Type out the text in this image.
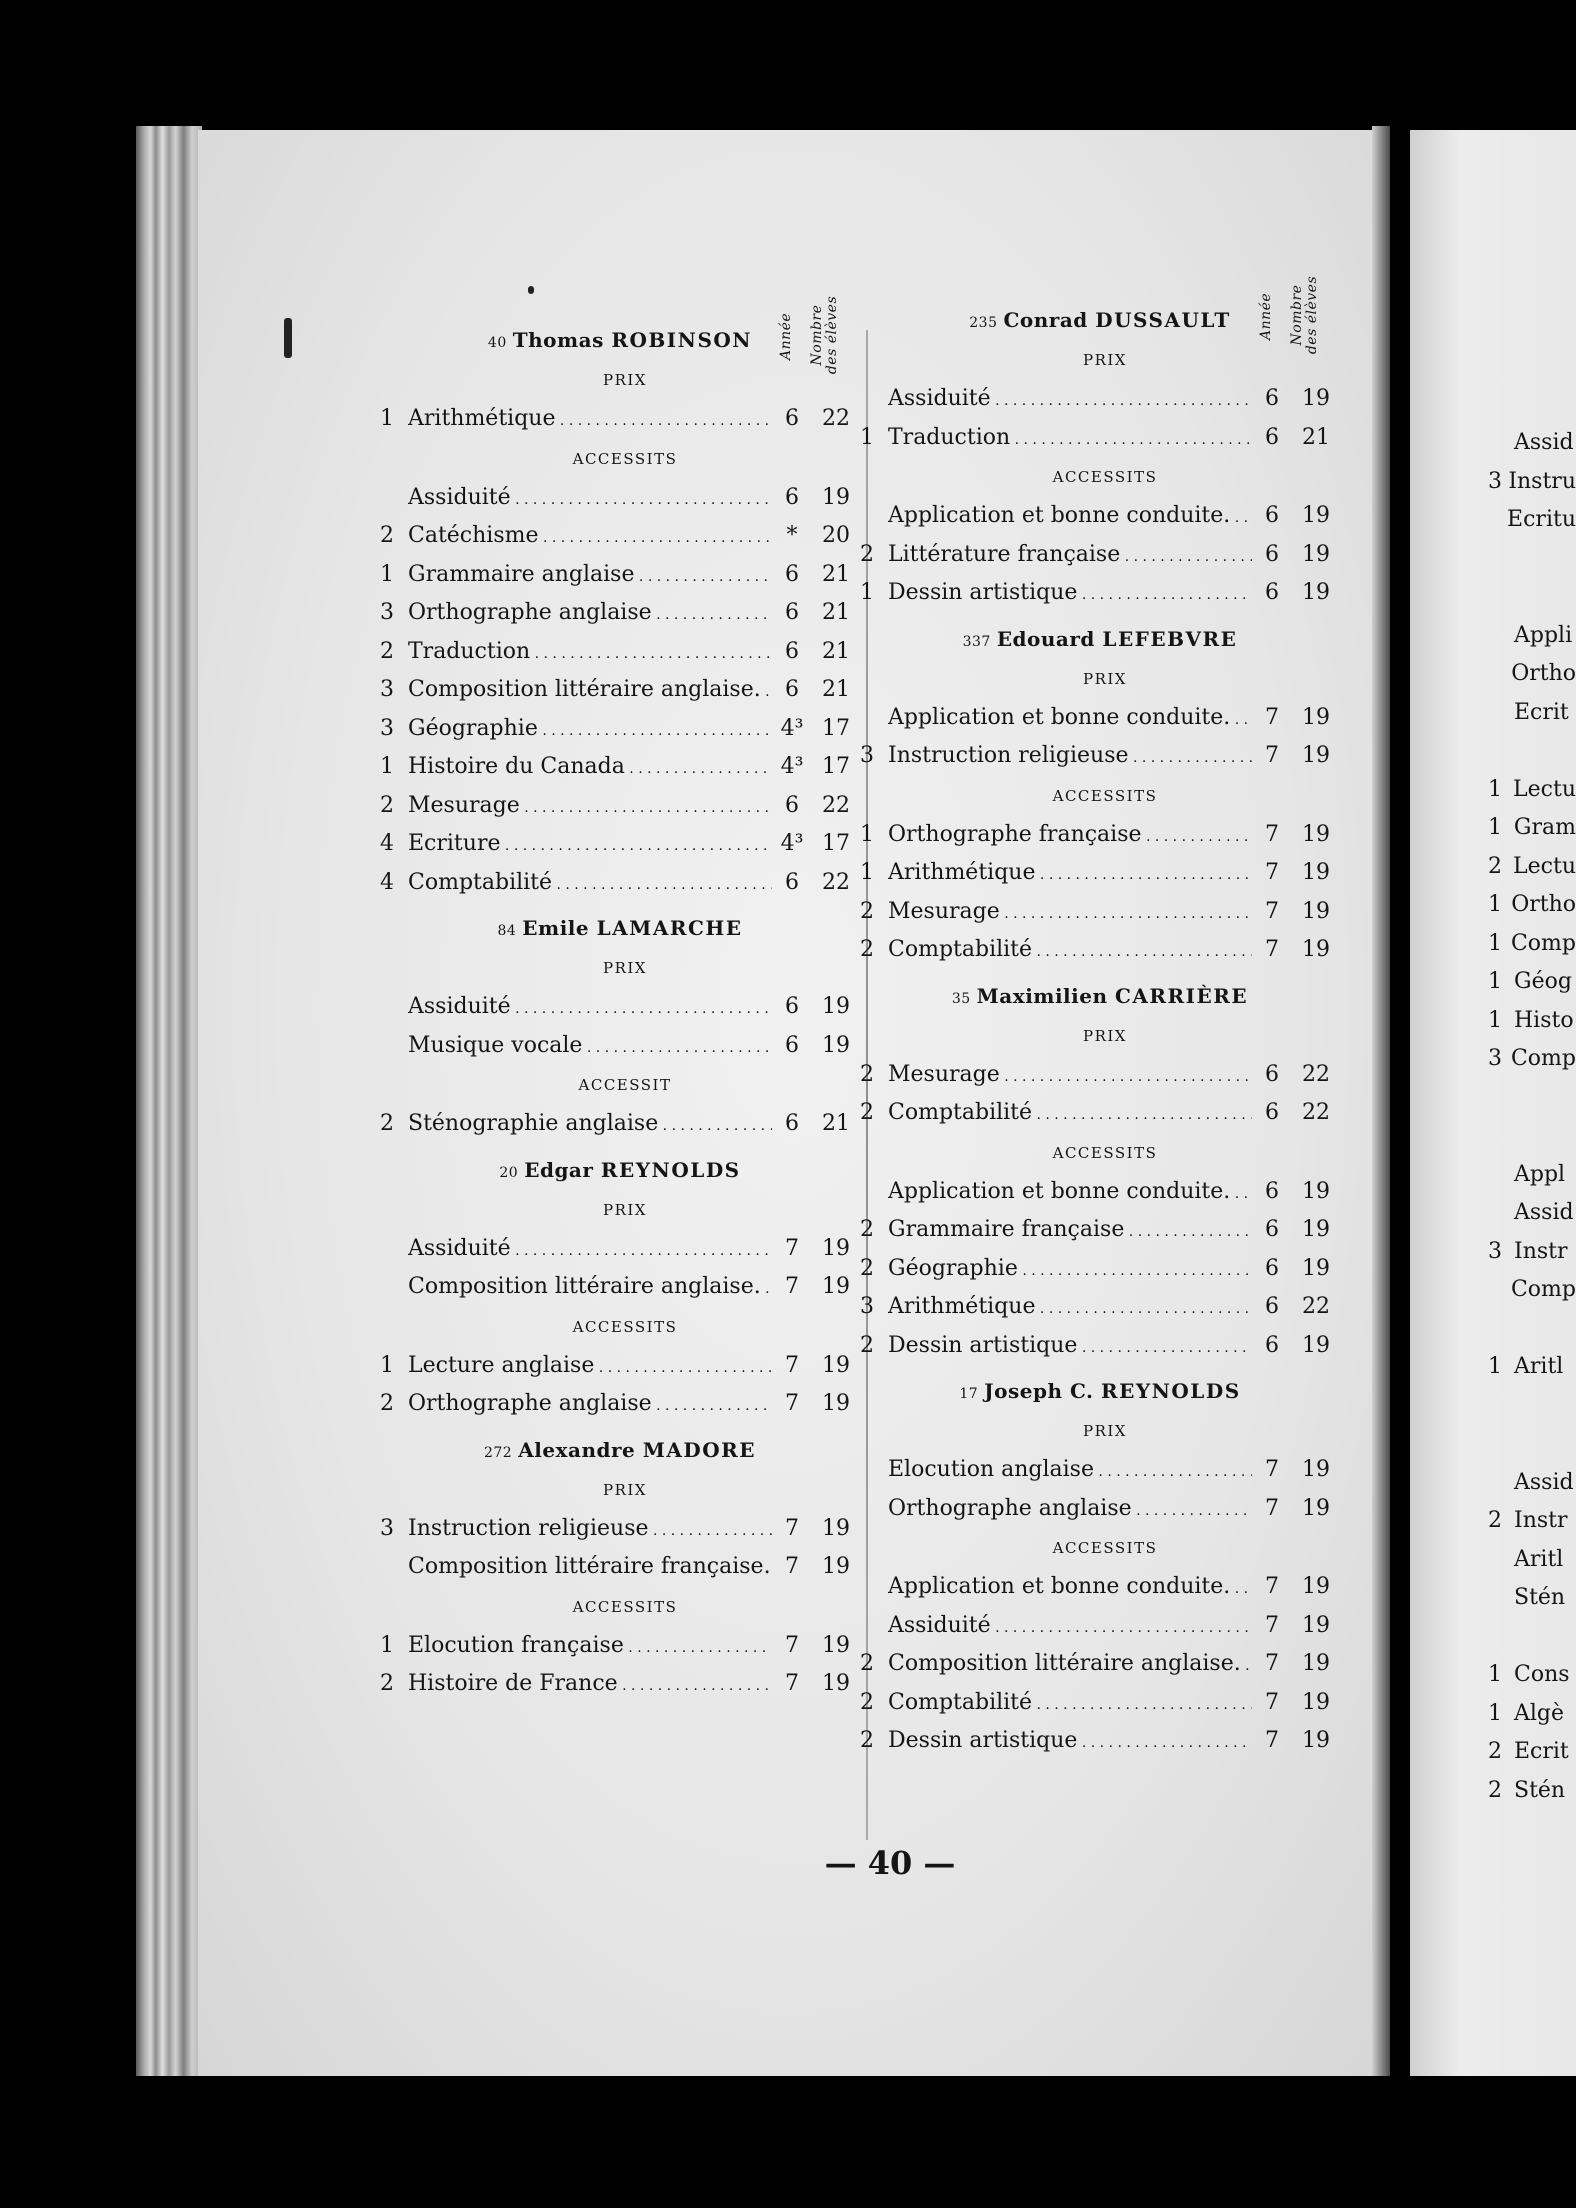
40 Thomas ROBINSON Année Nombre des élèves
PRIX
1 Arithmétique . . .	6	22
ACCESSITS
Assiduité . . .	6	19
2 Catéchisme . . .	*	20
1 Grammaire anglaise . . .	6	21
3 Orthographe anglaise . . .	6	21
2 Traduction . . .	6	21
3 Composition littéraire anglaise. . . .	6	21
3 Géographie . . .	4³ 17
1 Histoire du Canada . . .	4³ 17
2 Mesurage . . .	6	22
4 Ecriture . . .	4³ 17
4 Comptabilité . . .	6	22
84 Emile LAMARCHE
PRIX
Assiduité . . .	6	19
Musique vocale . . .	6	19
ACCESSIT
2 Sténographie anglaise . . .	6	21
20 Edgar REYNOLDS
PRIX
Assiduité . . .	7	19
Composition littéraire anglaise. . . .	7	19
ACCESSITS
1 Lecture anglaise . . .	7	19
2 Orthographe anglaise . . .	7	19
272 Alexandre MADORE
PRIX
3 Instruction religieuse . . .	7	19
Composition littéraire française. . . . 7	19
ACCESSITS
1 Elocution française . . .	7	19
2 Histoire de France . . .	7	19
235 Conrad DUSSAULT Année Nombre des élèves
PRIX
Assiduité . . .	6	19
1 Traduction . . .	6	21
ACCESSITS
Application et bonne conduite. . . .	6	19
2 Littérature française . . .	6	19
1 Dessin artistique . . .	6	19
337 Edouard LEFEBVRE
PRIX
Application et bonne conduite. . . .	7	19
3 Instruction religieuse . . .	7	19
ACCESSITS
1 Orthographe française . . .	7	19
1 Arithmétique . . .	7	19
2 Mesurage . . .	7	19
2 Comptabilité . . .	7	19
35 Maximilien CARRIÈRE
PRIX
2 Mesurage . . .	6	22
2 Comptabilité . . .	6	22
ACCESSITS
Application et bonne conduite. . . .	6	19
2 Grammaire française . . .	6	19
2 Géographie . . .	6	19
3 Arithmétique . . .	6	22
2 Dessin artistique . . .	6	19
17 Joseph C. REYNOLDS
PRIX
Elocution anglaise . . .	7	19
Orthographe anglaise . . .	7	19
ACCESSITS
Application et bonne conduite. . . .	7	19
Assiduité . . .	7	19
2 Composition littéraire anglaise. . . .	7	19
2 Comptabilité . . .	7	19
2 Dessin artistique . . .	7	19
Assid
3 Instru
Ecritu
Appli
Ortho
Ecrit
1 Lectu
1 Gram
2 Lectu
1 Ortho
1 Comp
1 Géog
1 Histo
3 Comp
Appl
Assid
3 Instr
Comp
1 Aritl
Assid
2 Instr
Aritl
Stén
1 Cons
1 Algè
2 Ecrit
2 Stén
— 40 —
